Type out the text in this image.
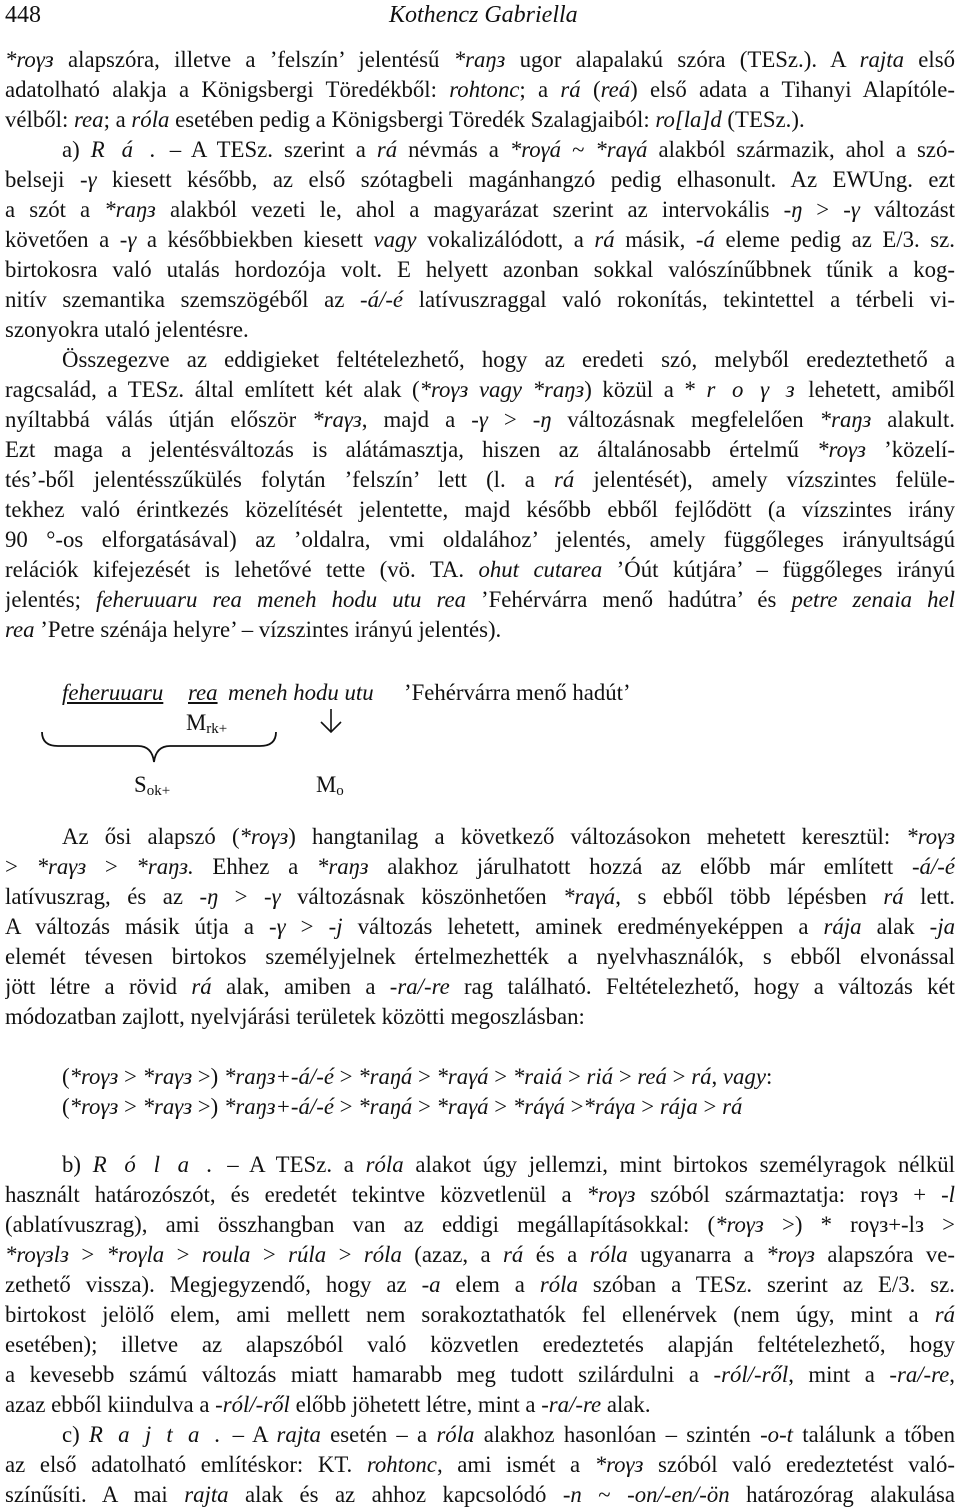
448	Kothencz Gabriella
*roγз alapszóra, illetve a ’felszín’ jelentésű *raŋз ugor alapalakú szóra (TESz.). A rajta első
adatolható alakja a Königsbergi Töredékből: rohtonc; a rá (reá) első adata a Tihanyi Alapítóle-
vélből: rea; a róla esetében pedig a Königsbergi Töredék Szalagjaiból: ro[la]d (TESz.).
a) R á . – A TESz. szerint a rá névmás a *roγá ~ *raγá alakból származik, ahol a szó-
belseji -γ kiesett később, az első szótagbeli magánhangzó pedig elhasonult. Az EWUng. ezt
a szót a *raŋз alakból vezeti le, ahol a magyarázat szerint az intervokális -ŋ > -γ változást
követően a -γ a későbbiekben kiesett vagy vokalizálódott, a rá másik, -á eleme pedig az E/3. sz.
birtokosra való utalás hordozója volt. E helyett azonban sokkal valószínűbbnek tűnik a kog-
nitív szemantika szemszögéből az -á/-é latívuszraggal való rokonítás, tekintettel a térbeli vi-
szonyokra utaló jelentésre.
Összegezve az eddigieket feltételezhető, hogy az eredeti szó, melyből eredeztethető a
ragcsalád, a TESz. által említett két alak (*roγз vagy *raŋз) közül a * r o γ з lehetett, amiből
nyíltabbá válás útján először *raγз, majd a -γ > -ŋ változásnak megfelelően *raŋз alakult.
Ezt maga a jelentésváltozás is alátámasztja, hiszen az általánosabb értelmű *roγз ’közelí-
tés’-ből jelentésszűkülés folytán ’felszín’ lett (l. a rá jelentését), amely vízszintes felüle-
tekhez való érintkezés közelítését jelentette, majd később ebből fejlődött (a vízszintes irány
90 °-os elforgatásával) az ’oldalra, vmi oldalához’ jelentés, amely függőleges irányultságú
relációk kifejezését is lehetővé tette (vö. TA. ohut cutarea ’Óút kútjára’ – függőleges irányú
jelentés; feheruuaru rea meneh hodu utu rea ’Fehérvárra menő hadútra’ és petre zenaia hel
rea ’Petre szénája helyre’ – vízszintes irányú jelentés).
Az ősi alapszó (*roγз) hangtanilag a következő változásokon mehetett keresztül: *roγз
> *raγз > *raŋз. Ehhez a *raŋз alakhoz járulhatott hozzá az előbb már említett -á/-é
latívuszrag, és az -ŋ > -γ változásnak köszönhetően *raγá, s ebből több lépésben rá lett.
A változás másik útja a -γ > -j változás lehetett, aminek eredményeképpen a rája alak -ja
elemét tévesen birtokos személyjelnek értelmezhették a nyelvhasználók, s ebből elvonással
jött létre a rövid rá alak, amiben a -ra/-re rag található. Feltételezhető, hogy a változás két
módozatban zajlott, nyelvjárási területek közötti megoszlásban:
(*roγз > *raγз >) *raŋз+-á/-é > *raŋá > *raγá > *raiá > riá > reá > rá, vagy:
(*roγз > *raγз >) *raŋз+-á/-é > *raŋá > *raγá > *ráγá >*ráγa > rája > rá
b) R ó l a . – A TESz. a róla alakot úgy jellemzi, mint birtokos személyragok nélkül
használt határozószót, és eredetét tekintve közvetlenül a *roγз szóból származtatja: roγз + -l
(ablatívuszrag), ami összhangban van az eddigi megállapításokkal: (*roγз >) * roγз+-lз >
*roγзlз > *roγla > roula > rúla > róla (azaz, a rá és a róla ugyanarra a *roγз alapszóra ve-
zethető vissza). Megjegyzendő, hogy az -a elem a róla szóban a TESz. szerint az E/3. sz.
birtokost jelölő elem, ami mellett nem sorakoztathatók fel ellenérvek (nem úgy, mint a rá
esetében); illetve az alapszóból való közvetlen eredeztetés alapján feltételezhető, hogy
a kevesebb számú változás miatt hamarabb meg tudott szilárdulni a -ról/-ről, mint a -ra/-re,
azaz ebből kiindulva a -ról/-ről előbb jöhetett létre, mint a -ra/-re alak.
c) R a j t a . – A rajta esetén – a róla alakhoz hasonlóan – szintén -o-t találunk a tőben
az első adatolható említéskor: KT. rohtonc, ami ismét a *roγз szóból való eredeztetést való-
színűsíti. A mai rajta alak és az ahhoz kapcsolódó -n ~ -on/-en/-ön határozórag alakulása
feheruuaru rea meneh hodu utu ’Fehérvárra menő hadút’
$M_{rk+}$
$S_{ok+}$	$M_o$
